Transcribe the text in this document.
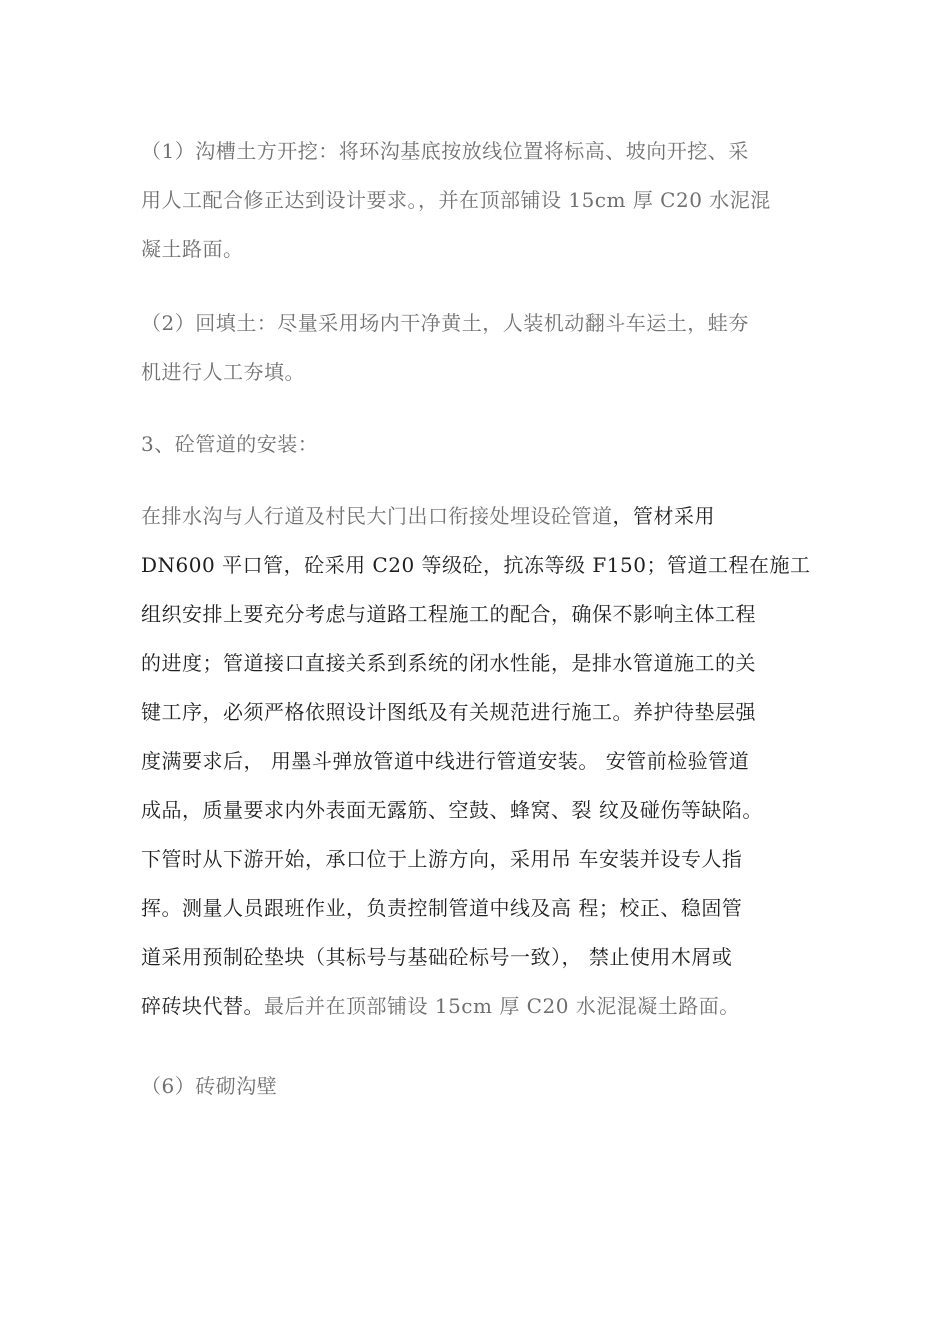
（1）沟槽土方开挖：将环沟基底按放线位置将标高、坡向开挖、采
用人工配合修正达到设计要求。，并在顶部铺设 15cm 厚 C20 水泥混
凝土路面。
（2）回填土：尽量采用场内干净黄土，人装机动翻斗车运土，蛙夯
机进行人工夯填。
3、砼管道的安装：
在排水沟与人行道及村民大门出口衔接处埋设砼管道，管材采用
DN600 平口管，砼采用 C20 等级砼，抗冻等级 F150；管道工程在施工
组织安排上要充分考虑与道路工程施工的配合，确保不影响主体工程
的进度；管道接口直接关系到系统的闭水性能，是排水管道施工的关
键工序，必须严格依照设计图纸及有关规范进行施工。养护待垫层强
度满要求后， 用墨斗弹放管道中线进行管道安装。 安管前检验管道
成品，质量要求内外表面无露筋、空鼓、蜂窝、裂 纹及碰伤等缺陷。
下管时从下游开始，承口位于上游方向，采用吊 车安装并设专人指
挥。测量人员跟班作业，负责控制管道中线及高 程；校正、稳固管
道采用预制砼垫块（其标号与基础砼标号一致）， 禁止使用木屑或
碎砖块代替。最后并在顶部铺设 15cm 厚 C20 水泥混凝土路面。
（6）砖砌沟壁
